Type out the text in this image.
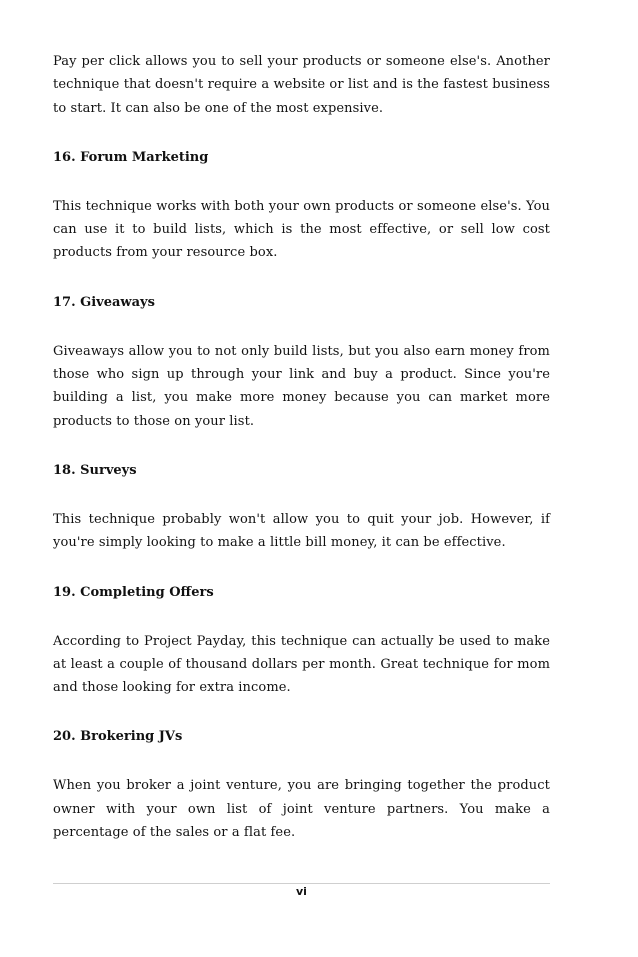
Pay per click allows you to sell your products or someone else's. Another technique that doesn't require a website or list and is the fastest business to start. It can also be one of the most expensive.

16. Forum Marketing

This technique works with both your own products or someone else's. You can use it to build lists, which is the most effective, or sell low cost products from your resource box.

17. Giveaways

Giveaways allow you to not only build lists, but you also earn money from those who sign up through your link and buy a product. Since you're building a list, you make more money because you can market more products to those on your list.

18. Surveys

This technique probably won't allow you to quit your job. However, if you're simply looking to make a little bill money, it can be effective.

19. Completing Offers

According to Project Payday, this technique can actually be used to make at least a couple of thousand dollars per month. Great technique for mom and those looking for extra income.

20. Brokering JVs

When you broker a joint venture, you are bringing together the product owner with your own list of joint venture partners. You make a percentage of the sales or a flat fee.

vi
